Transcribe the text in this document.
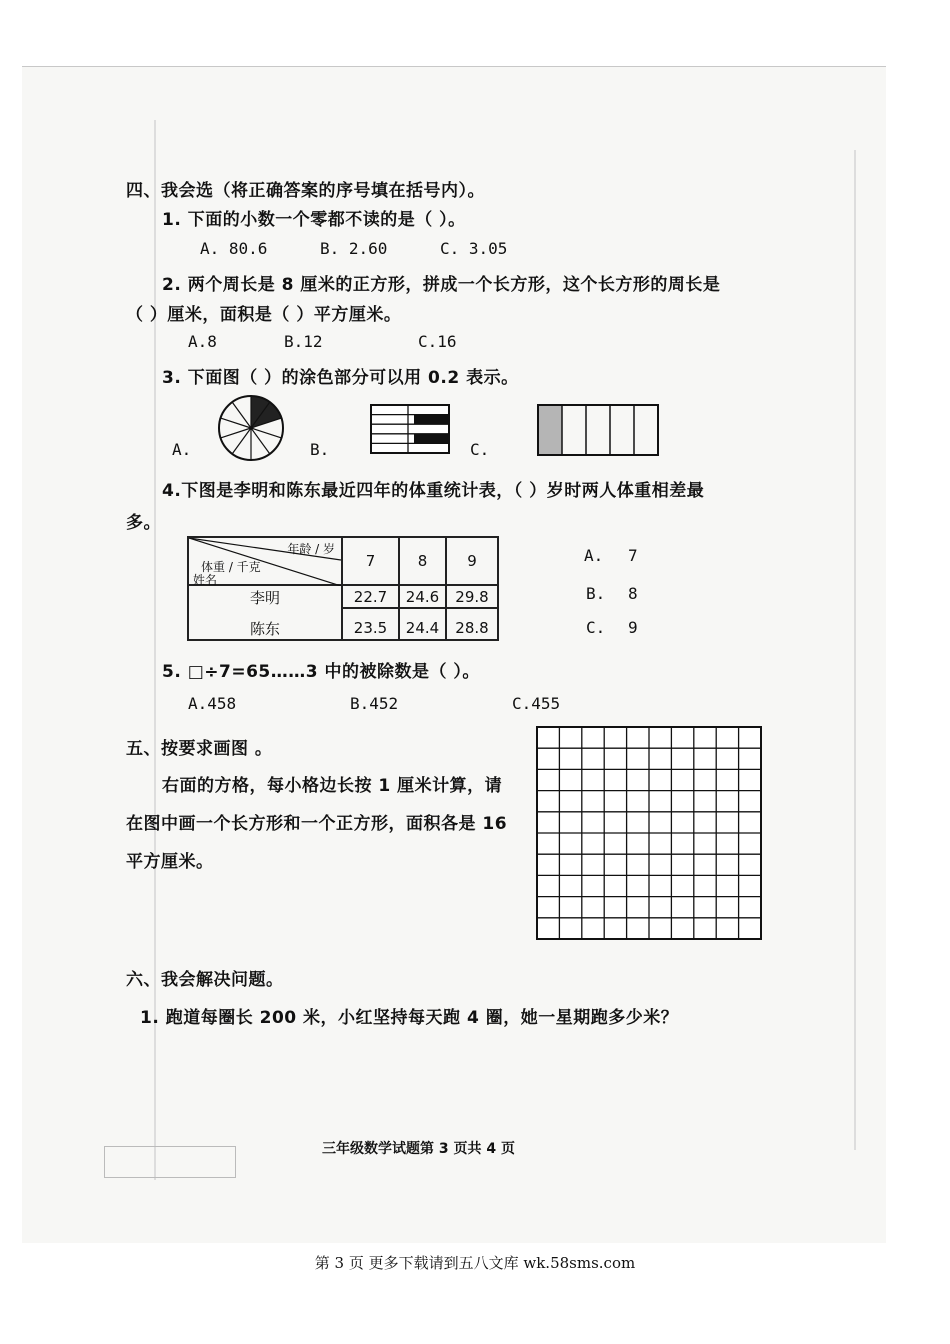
四、我会选（将正确答案的序号填在括号内）。
1. 下面的小数一个零都不读的是（ ）。
A. 80.6	B. 2.60	C. 3.05
2. 两个周长是 8 厘米的正方形，拼成一个长方形，这个长方形的周长是
（ ）厘米，面积是（ ）平方厘米。
A.8	B.12	C.16
3. 下面图（ ）的涂色部分可以用 0.2 表示。
A.	B.	C.
4.下图是李明和陈东最近四年的体重统计表，（ ）岁时两人体重相差最
多。
年龄 / 岁
体重 / 千克
姓名	7	8	9
李明	22.7	24.6	29.8

陈东	23.5	24.4	28.8
A. 7
B. 8
C. 9
5. □÷7=65……3 中的被除数是（ ）。
A.458	B.452	C.455
五、按要求画图 。
右面的方格，每小格边长按 1 厘米计算，请
在图中画一个长方形和一个正方形，面积各是 16
平方厘米。
六、我会解决问题。
1. 跑道每圈长 200 米，小红坚持每天跑 4 圈，她一星期跑多少米？
三年级数学试题第 3 页共 4 页
第 3 页 更多下载请到五八文库 wk.58sms.com
